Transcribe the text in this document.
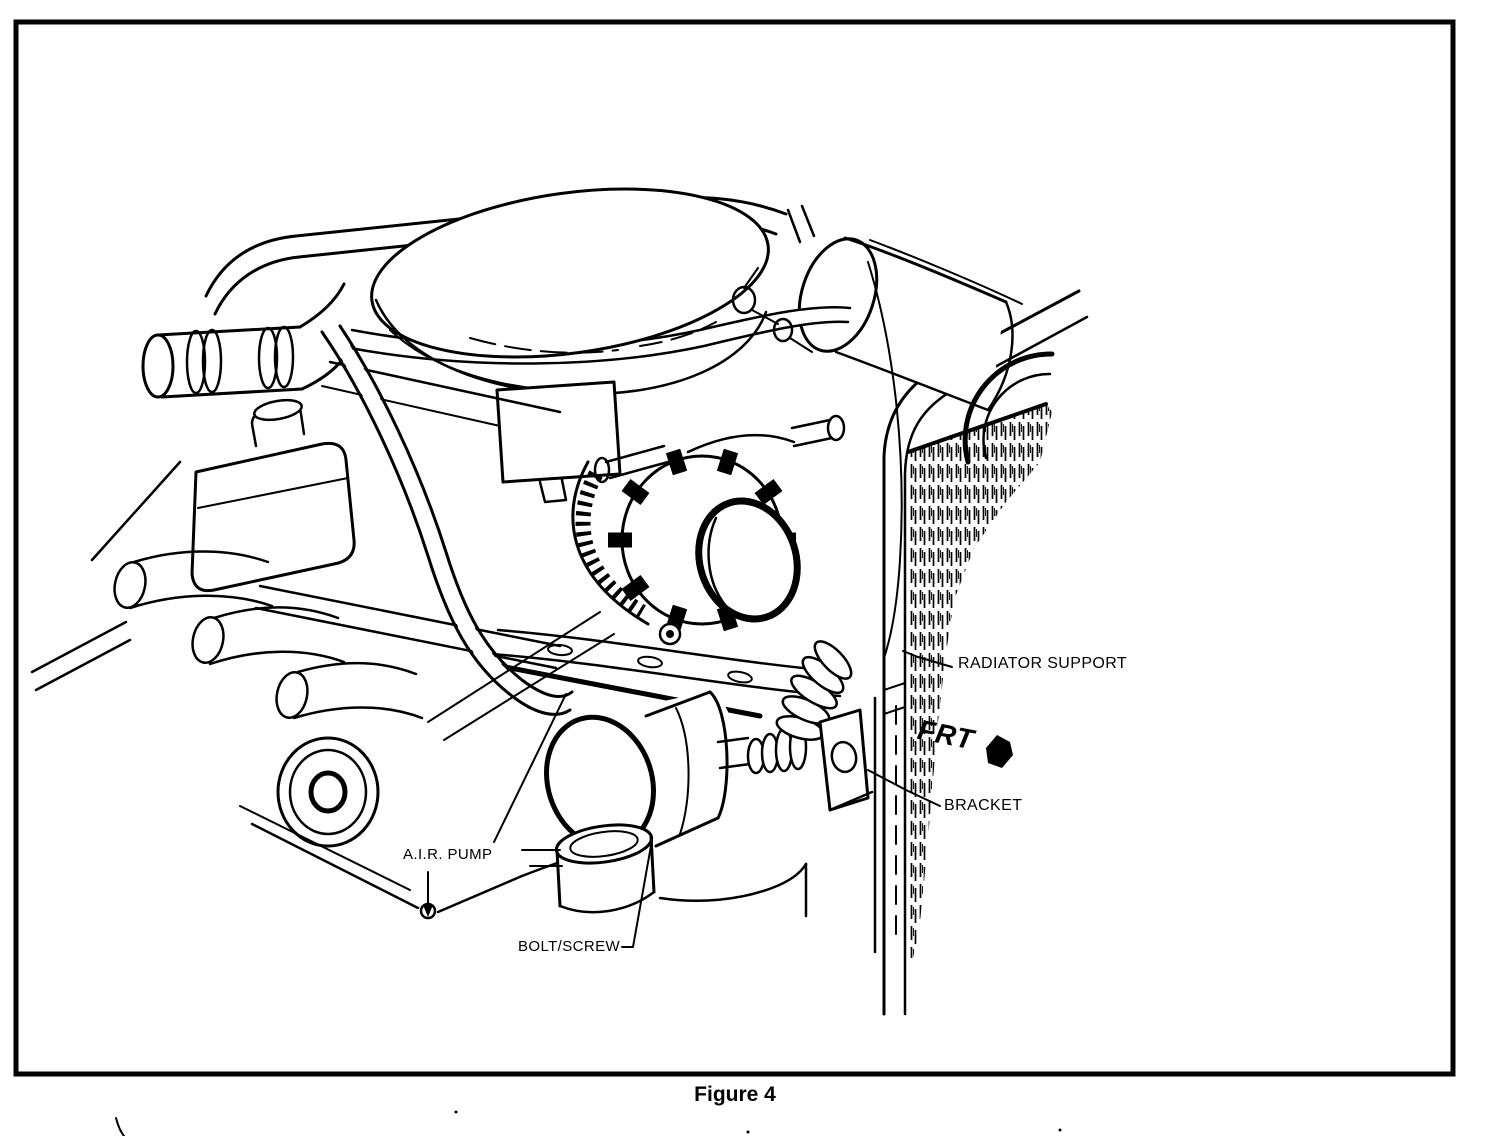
RADIATOR SUPPORT
FRT
BRACKET
A.I.R. PUMP
BOLT/SCREW
Figure 4
